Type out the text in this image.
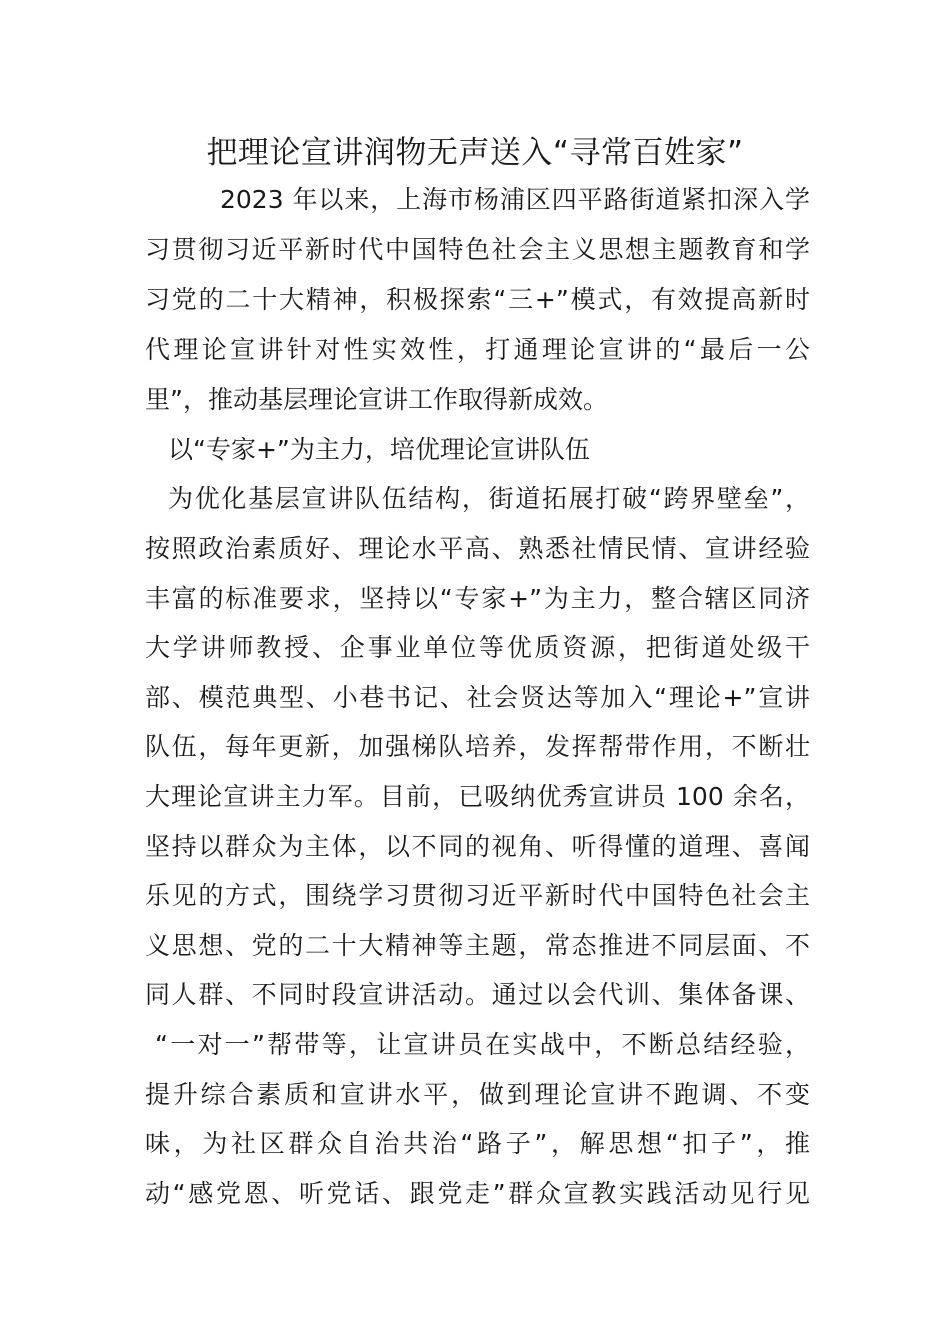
把理论宣讲润物无声送入“寻常百姓家”
2023 年以来，上海市杨浦区四平路街道紧扣深入学
习贯彻习近平新时代中国特色社会主义思想主题教育和学
习党的二十大精神，积极探索“三+”模式，有效提高新时
代理论宣讲针对性实效性，打通理论宣讲的“最后一公
里”，推动基层理论宣讲工作取得新成效。
以“专家+”为主力，培优理论宣讲队伍
为优化基层宣讲队伍结构，街道拓展打破“跨界壁垒”，
按照政治素质好、理论水平高、熟悉社情民情、宣讲经验
丰富的标准要求，坚持以“专家+”为主力，整合辖区同济
大学讲师教授、企事业单位等优质资源，把街道处级干
部、模范典型、小巷书记、社会贤达等加入“理论+”宣讲
队伍，每年更新，加强梯队培养，发挥帮带作用，不断壮
大理论宣讲主力军。目前，已吸纳优秀宣讲员 100 余名，
坚持以群众为主体，以不同的视角、听得懂的道理、喜闻
乐见的方式，围绕学习贯彻习近平新时代中国特色社会主
义思想、党的二十大精神等主题，常态推进不同层面、不
同人群、不同时段宣讲活动。通过以会代训、集体备课、
“一对一”帮带等，让宣讲员在实战中，不断总结经验，
提升综合素质和宣讲水平，做到理论宣讲不跑调、不变
味，为社区群众自治共治“路子”，解思想“扣子”，推
动“感党恩、听党话、跟党走”群众宣教实践活动见行见
